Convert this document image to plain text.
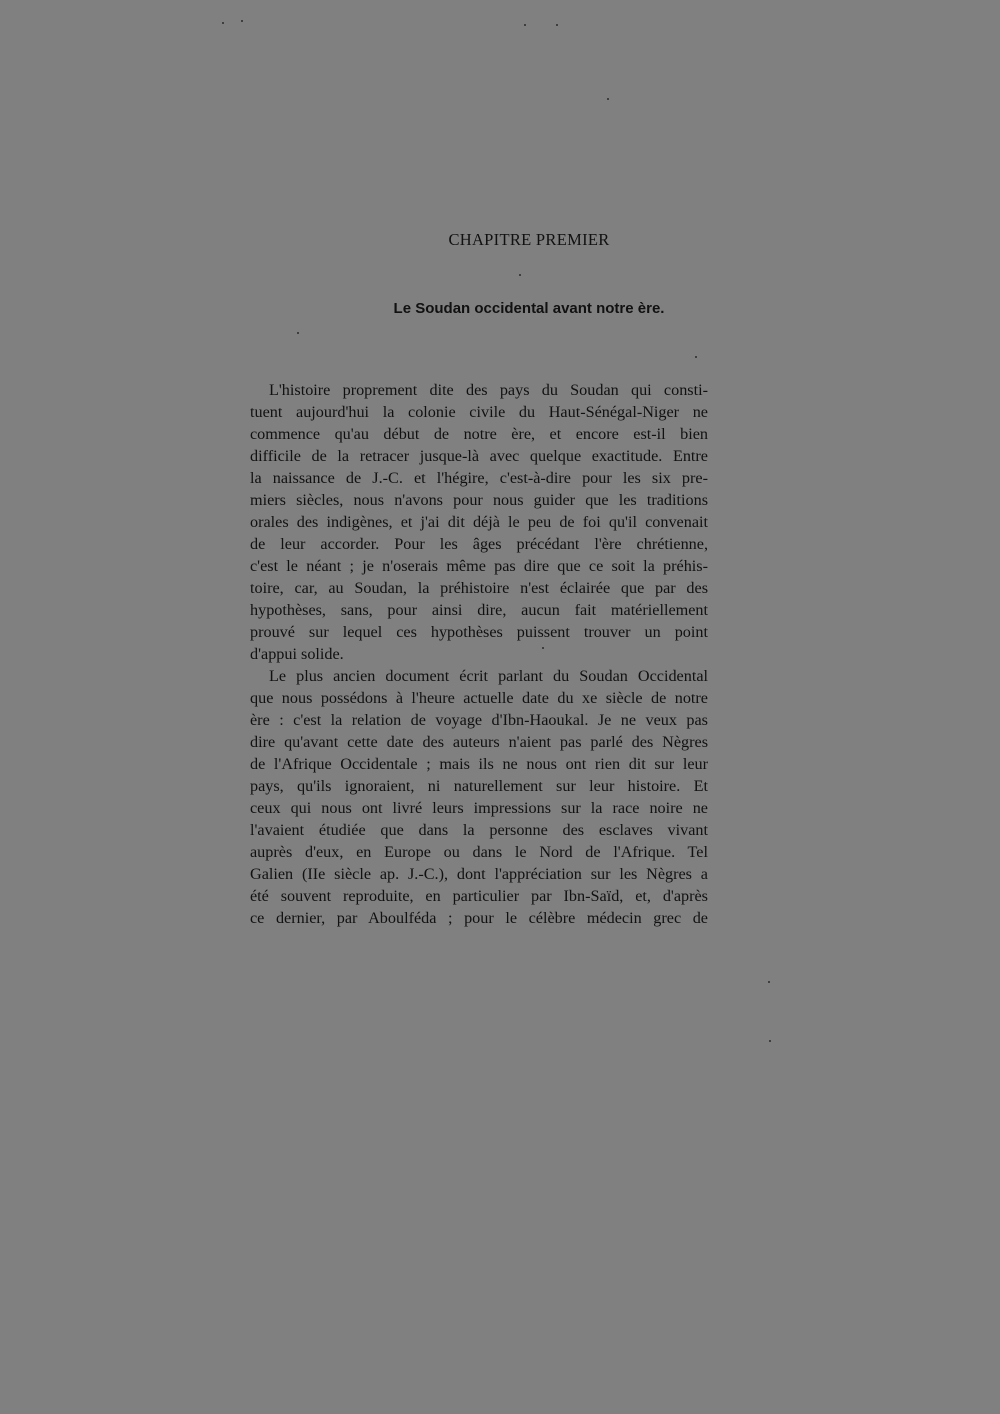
CHAPITRE PREMIER
Le Soudan occidental avant notre ère.
L'histoire proprement dite des pays du Soudan qui consti-
tuent aujourd'hui la colonie civile du Haut-Sénégal-Niger ne
commence qu'au début de notre ère, et encore est-il bien
difficile de la retracer jusque-là avec quelque exactitude. Entre
la naissance de J.-C. et l'hégire, c'est-à-dire pour les six pre-
miers siècles, nous n'avons pour nous guider que les traditions
orales des indigènes, et j'ai dit déjà le peu de foi qu'il convenait
de leur accorder. Pour les âges précédant l'ère chrétienne,
c'est le néant ; je n'oserais même pas dire que ce soit la préhis-
toire, car, au Soudan, la préhistoire n'est éclairée que par des
hypothèses, sans, pour ainsi dire, aucun fait matériellement
prouvé sur lequel ces hypothèses puissent trouver un point
d'appui solide.
Le plus ancien document écrit parlant du Soudan Occidental
que nous possédons à l'heure actuelle date du xe siècle de notre
ère : c'est la relation de voyage d'Ibn-Haoukal. Je ne veux pas
dire qu'avant cette date des auteurs n'aient pas parlé des Nègres
de l'Afrique Occidentale ; mais ils ne nous ont rien dit sur leur
pays, qu'ils ignoraient, ni naturellement sur leur histoire. Et
ceux qui nous ont livré leurs impressions sur la race noire ne
l'avaient étudiée que dans la personne des esclaves vivant
auprès d'eux, en Europe ou dans le Nord de l'Afrique. Tel
Galien (IIe siècle ap. J.-C.), dont l'appréciation sur les Nègres a
été souvent reproduite, en particulier par Ibn-Saïd, et, d'après
ce dernier, par Aboulféda ; pour le célèbre médecin grec de
